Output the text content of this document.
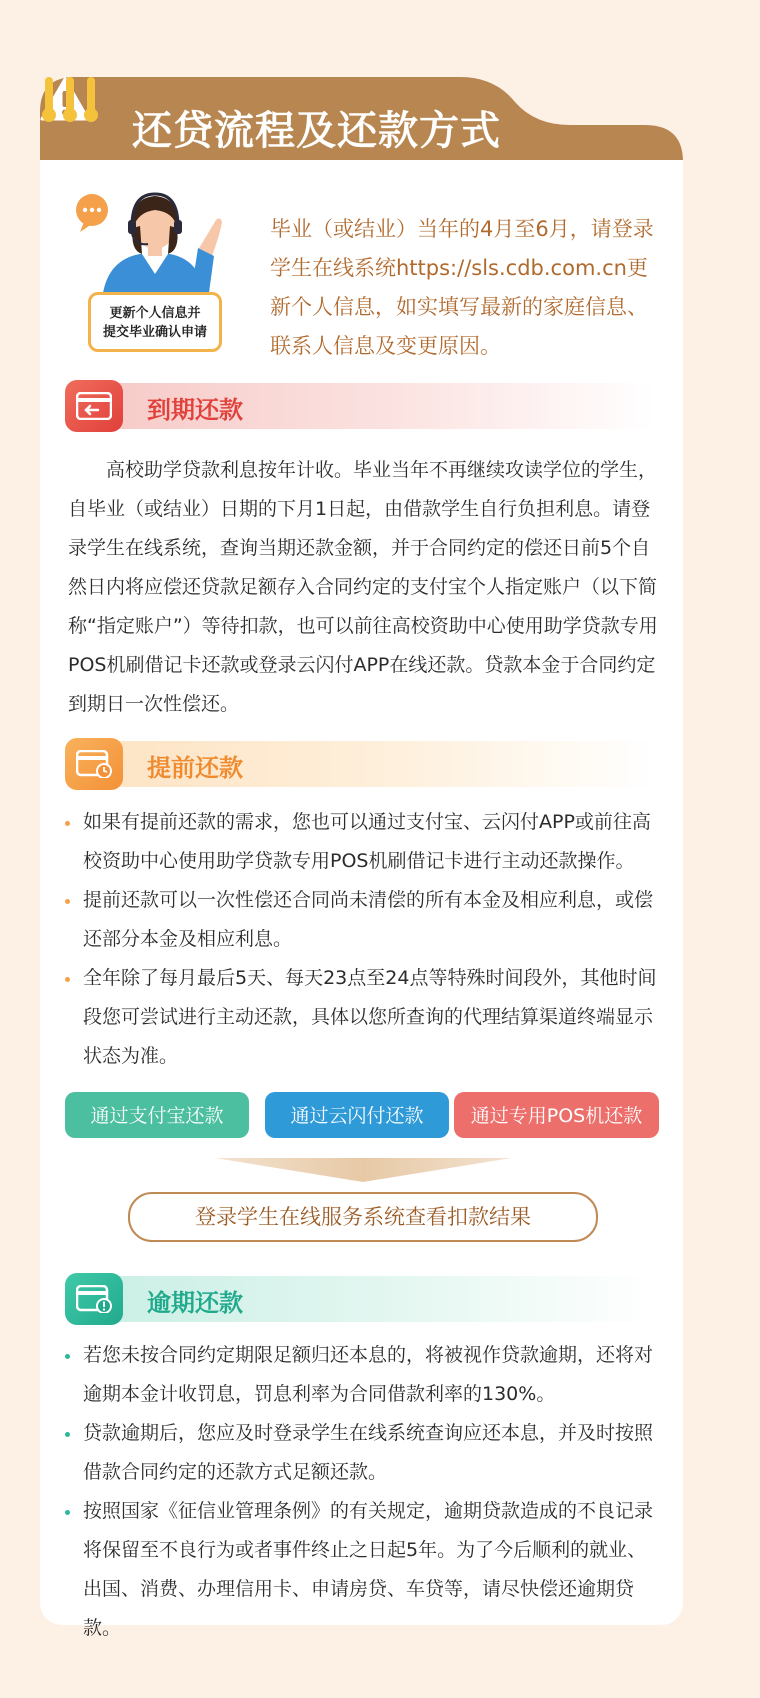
还贷流程及还款方式
更新个人信息并
提交毕业确认申请
毕业（或结业）当年的4月至6月，请登录学生在线系统https://sls.cdb.com.cn更新个人信息，如实填写最新的家庭信息、联系人信息及变更原因。
到期还款
　　高校助学贷款利息按年计收。毕业当年不再继续攻读学位的学生，自毕业（或结业）日期的下月1日起，由借款学生自行负担利息。请登录学生在线系统，查询当期还款金额，并于合同约定的偿还日前5个自然日内将应偿还贷款足额存入合同约定的支付宝个人指定账户（以下简称“指定账户”）等待扣款，也可以前往高校资助中心使用助学贷款专用POS机刷借记卡还款或登录云闪付APP在线还款。贷款本金于合同约定到期日一次性偿还。
提前还款
如果有提前还款的需求，您也可以通过支付宝、云闪付APP或前往高校资助中心使用助学贷款专用POS机刷借记卡进行主动还款操作。
提前还款可以一次性偿还合同尚未清偿的所有本金及相应利息，或偿还部分本金及相应利息。
全年除了每月最后5天、每天23点至24点等特殊时间段外，其他时间段您可尝试进行主动还款，具体以您所查询的代理结算渠道终端显示状态为准。
通过支付宝还款	通过云闪付还款	通过专用POS机还款
登录学生在线服务系统查看扣款结果
逾期还款
若您未按合同约定期限足额归还本息的，将被视作贷款逾期，还将对逾期本金计收罚息，罚息利率为合同借款利率的130%。
贷款逾期后，您应及时登录学生在线系统查询应还本息，并及时按照借款合同约定的还款方式足额还款。
按照国家《征信业管理条例》的有关规定，逾期贷款造成的不良记录将保留至不良行为或者事件终止之日起5年。为了今后顺利的就业、出国、消费、办理信用卡、申请房贷、车贷等，请尽快偿还逾期贷款。
